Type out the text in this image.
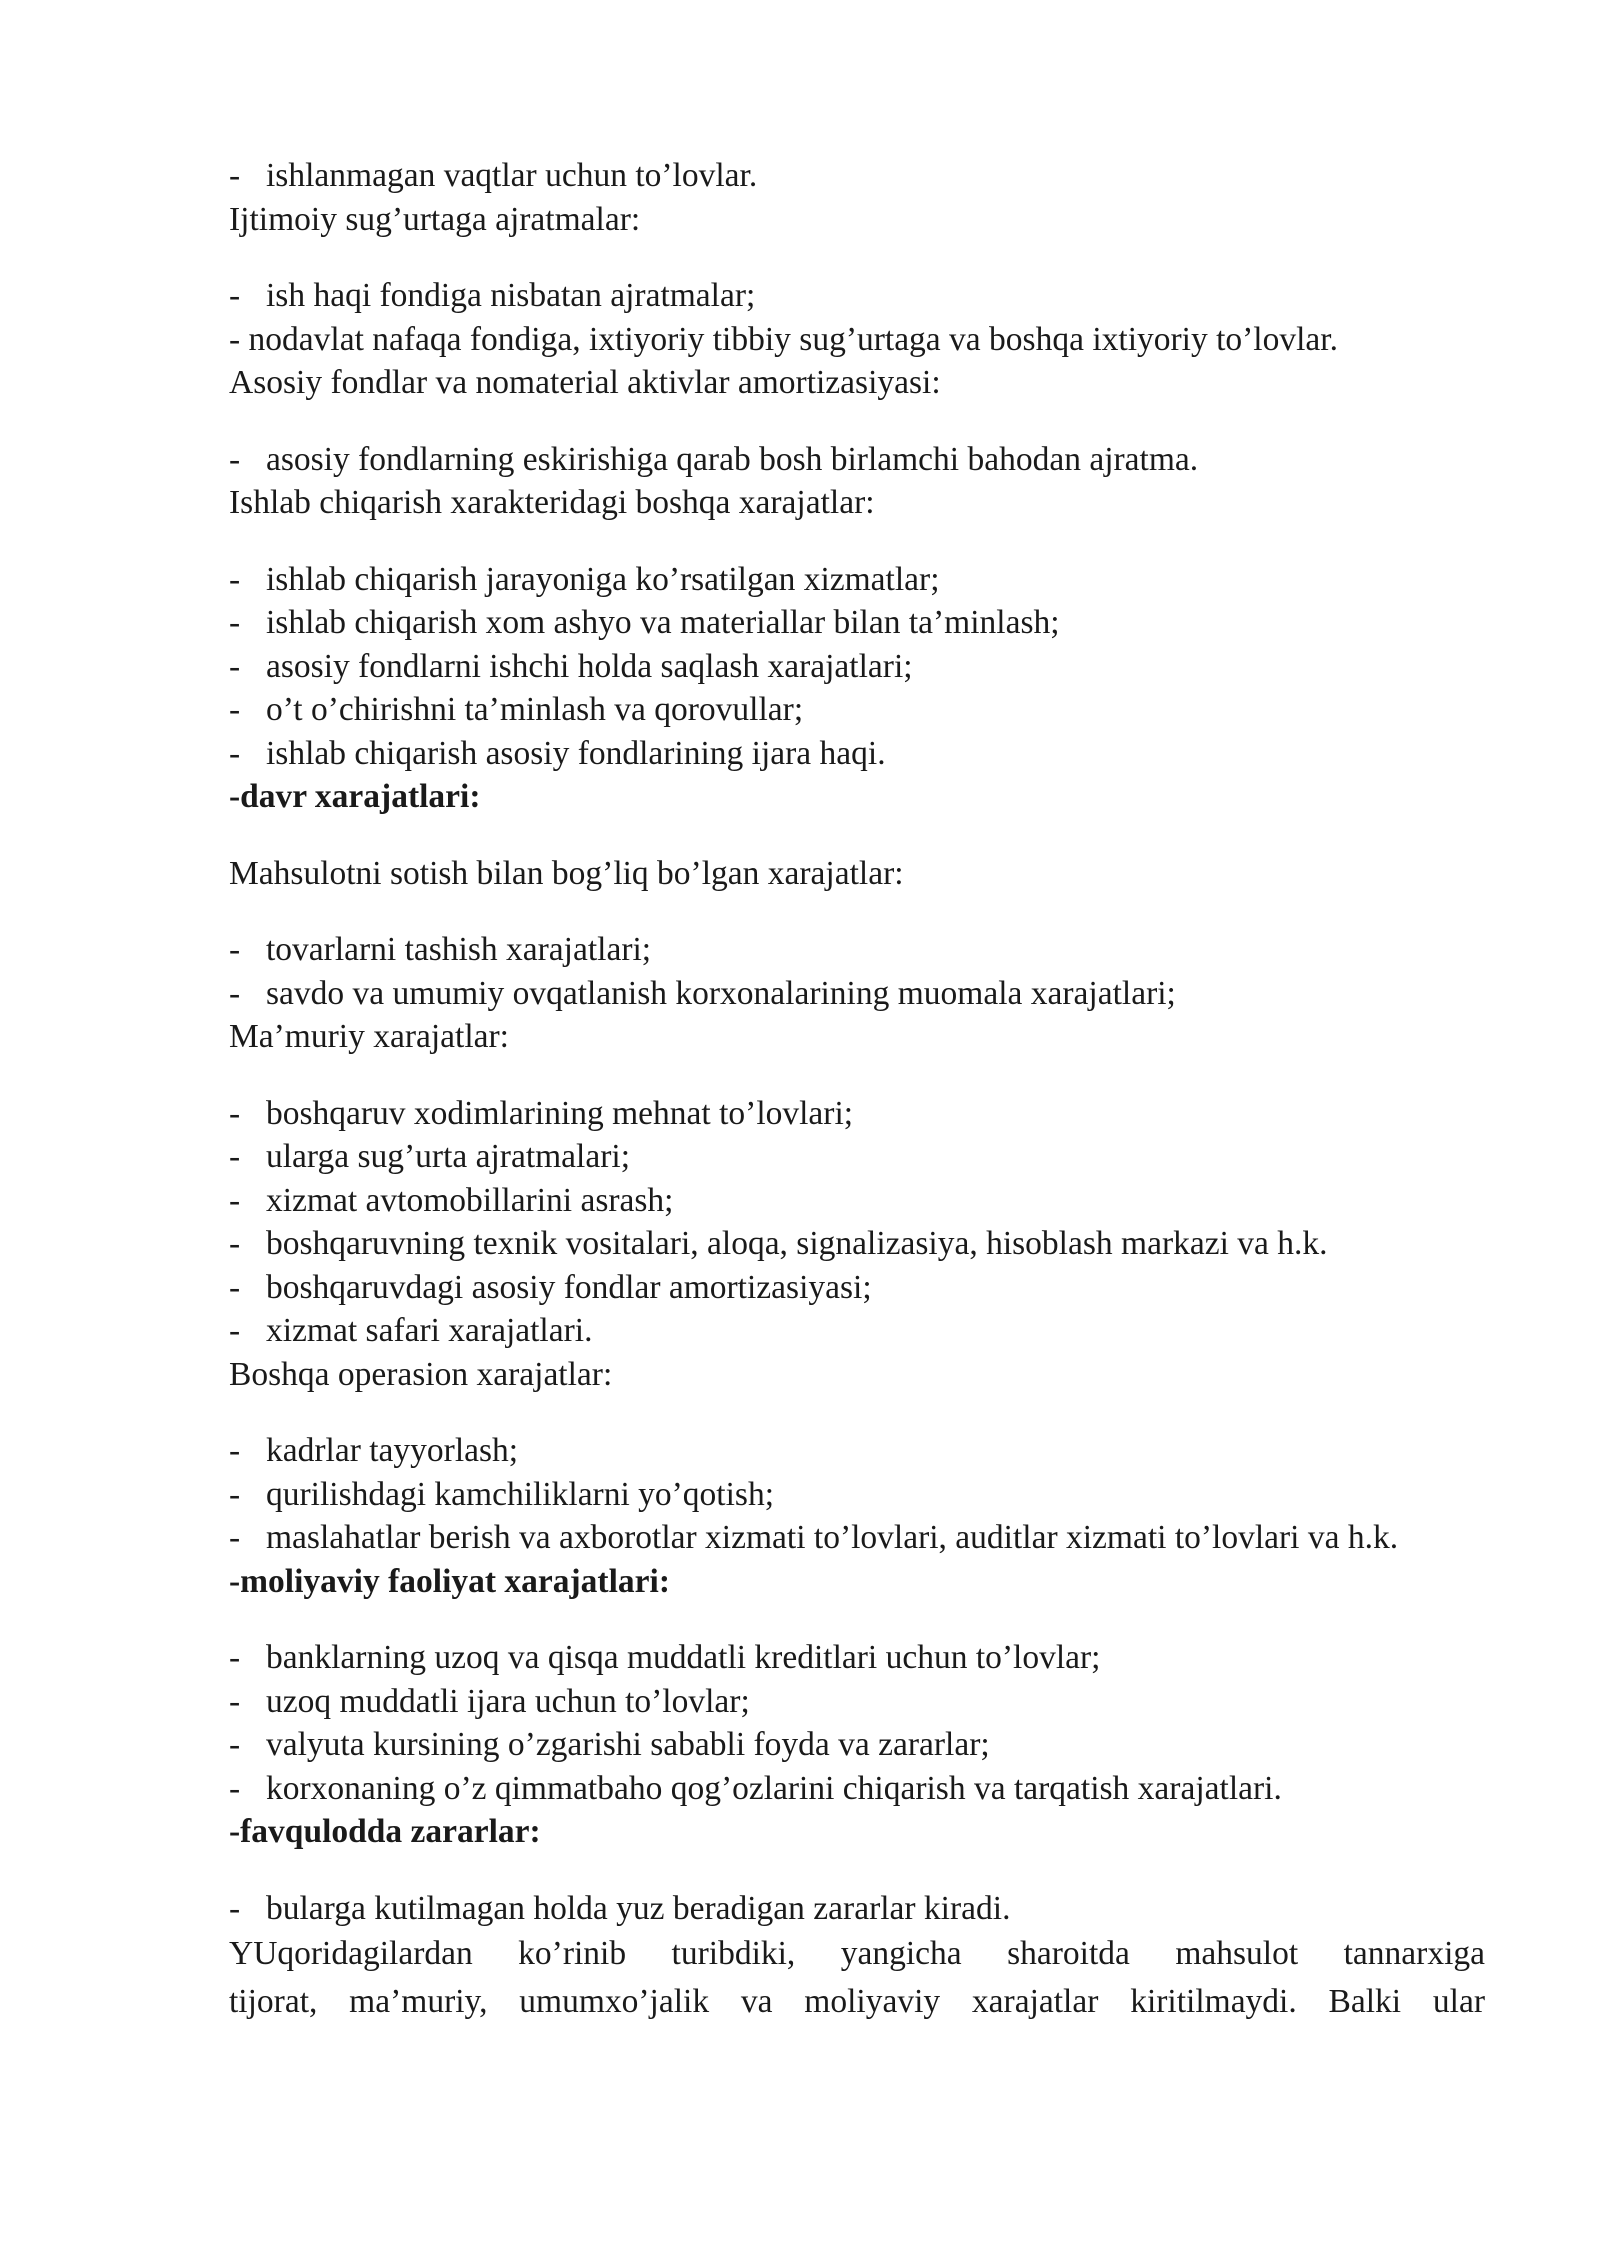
- ishlanmagan vaqtlar uchun to’lovlar.
Ijtimoiy sug’urtaga ajratmalar:
- ish haqi fondiga nisbatan ajratmalar;
- nodavlat nafaqa fondiga, ixtiyoriy tibbiy sug’urtaga va boshqa ixtiyoriy to’lovlar.
Asosiy fondlar va nomaterial aktivlar amortizasiyasi:
- asosiy fondlarning eskirishiga qarab bosh birlamchi bahodan ajratma.
Ishlab chiqarish xarakteridagi boshqa xarajatlar:
- ishlab chiqarish jarayoniga ko’rsatilgan xizmatlar;
- ishlab chiqarish xom ashyo va materiallar bilan ta’minlash;
- asosiy fondlarni ishchi holda saqlash xarajatlari;
- o’t o’chirishni ta’minlash va qorovullar;
- ishlab chiqarish asosiy fondlarining ijara haqi.
-davr xarajatlari:
Mahsulotni sotish bilan bog’liq bo’lgan xarajatlar:
- tovarlarni tashish xarajatlari;
- savdo va umumiy ovqatlanish korxonalarining muomala xarajatlari;
Ma’muriy xarajatlar:
- boshqaruv xodimlarining mehnat to’lovlari;
- ularga sug’urta ajratmalari;
- xizmat avtomobillarini asrash;
- boshqaruvning texnik vositalari, aloqa, signalizasiya, hisoblash markazi va h.k.
- boshqaruvdagi asosiy fondlar amortizasiyasi;
- xizmat safari xarajatlari.
Boshqa operasion xarajatlar:
- kadrlar tayyorlash;
- qurilishdagi kamchiliklarni yo’qotish;
- maslahatlar berish va axborotlar xizmati to’lovlari, auditlar xizmati to’lovlari va h.k.
-moliyaviy faoliyat xarajatlari:
- banklarning uzoq va qisqa muddatli kreditlari uchun to’lovlar;
- uzoq muddatli ijara uchun to’lovlar;
- valyuta kursining o’zgarishi sababli foyda va zararlar;
- korxonaning o’z qimmatbaho qog’ozlarini chiqarish va tarqatish xarajatlari.
-favqulodda zararlar:
- bularga kutilmagan holda yuz beradigan zararlar kiradi.
YUqoridagilardan ko’rinib turibdiki, yangicha sharoitda mahsulot tannarxiga
tijorat, ma’muriy, umumxo’jalik va moliyaviy xarajatlar kiritilmaydi. Balki ular
